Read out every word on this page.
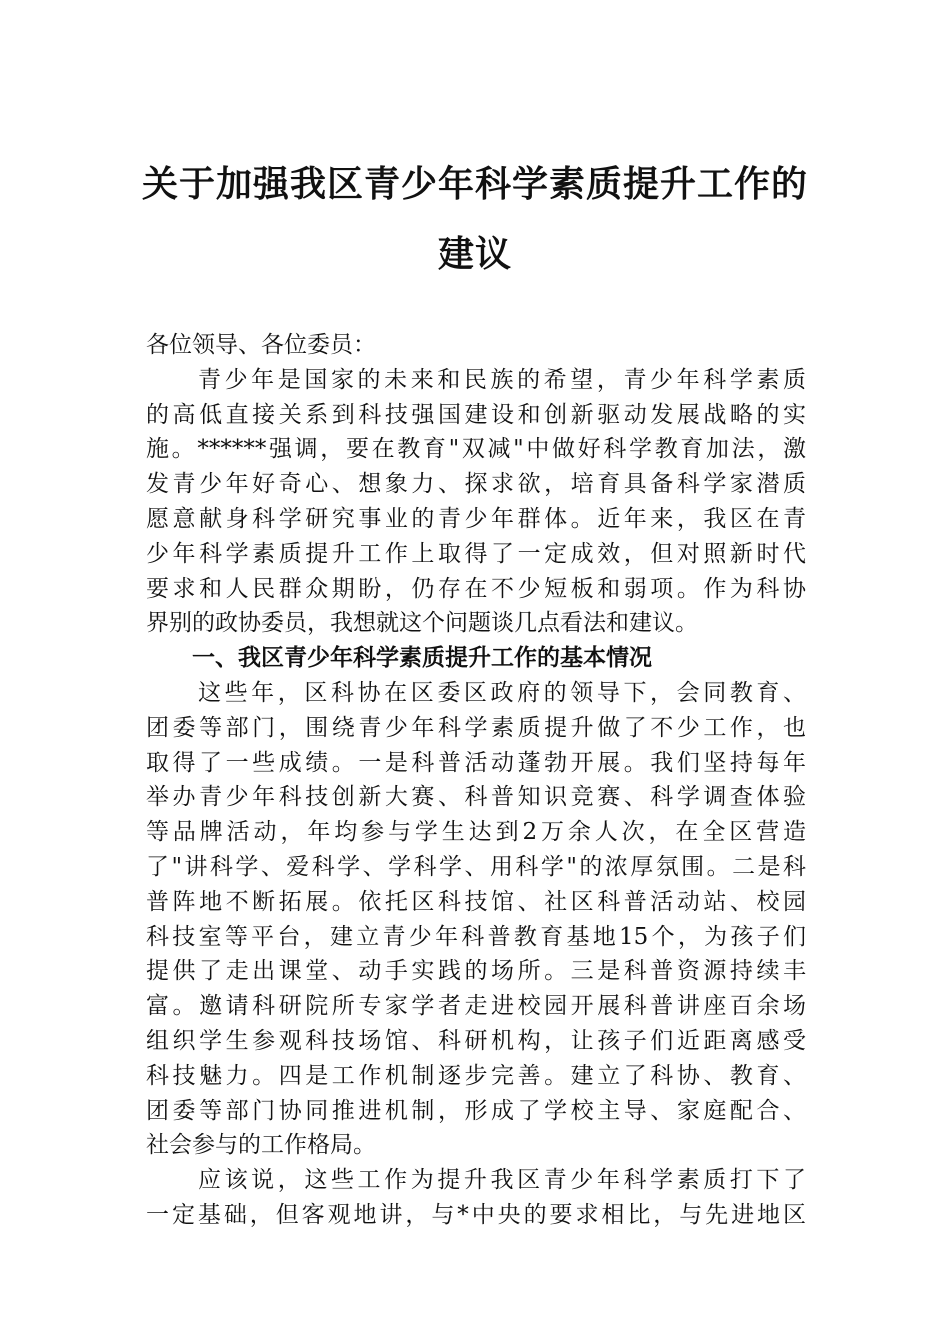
关于加强我区青少年科学素质提升工作的
建议
各位领导、各位委员：
青少年是国家的未来和民族的希望，青少年科学素质
的高低直接关系到科技强国建设和创新驱动发展战略的实
施。******强调，要在教育"双减"中做好科学教育加法，激
发青少年好奇心、想象力、探求欲，培育具备科学家潜质
愿意献身科学研究事业的青少年群体。近年来，我区在青
少年科学素质提升工作上取得了一定成效，但对照新时代
要求和人民群众期盼，仍存在不少短板和弱项。作为科协
界别的政协委员，我想就这个问题谈几点看法和建议。
一、我区青少年科学素质提升工作的基本情况
这些年，区科协在区委区政府的领导下，会同教育、
团委等部门，围绕青少年科学素质提升做了不少工作，也
取得了一些成绩。一是科普活动蓬勃开展。我们坚持每年
举办青少年科技创新大赛、科普知识竞赛、科学调查体验
等品牌活动，年均参与学生达到2万余人次，在全区营造
了"讲科学、爱科学、学科学、用科学"的浓厚氛围。二是科
普阵地不断拓展。依托区科技馆、社区科普活动站、校园
科技室等平台，建立青少年科普教育基地15个，为孩子们
提供了走出课堂、动手实践的场所。三是科普资源持续丰
富。邀请科研院所专家学者走进校园开展科普讲座百余场
组织学生参观科技场馆、科研机构，让孩子们近距离感受
科技魅力。四是工作机制逐步完善。建立了科协、教育、
团委等部门协同推进机制，形成了学校主导、家庭配合、
社会参与的工作格局。
应该说，这些工作为提升我区青少年科学素质打下了
一定基础，但客观地讲，与*中央的要求相比，与先进地区
